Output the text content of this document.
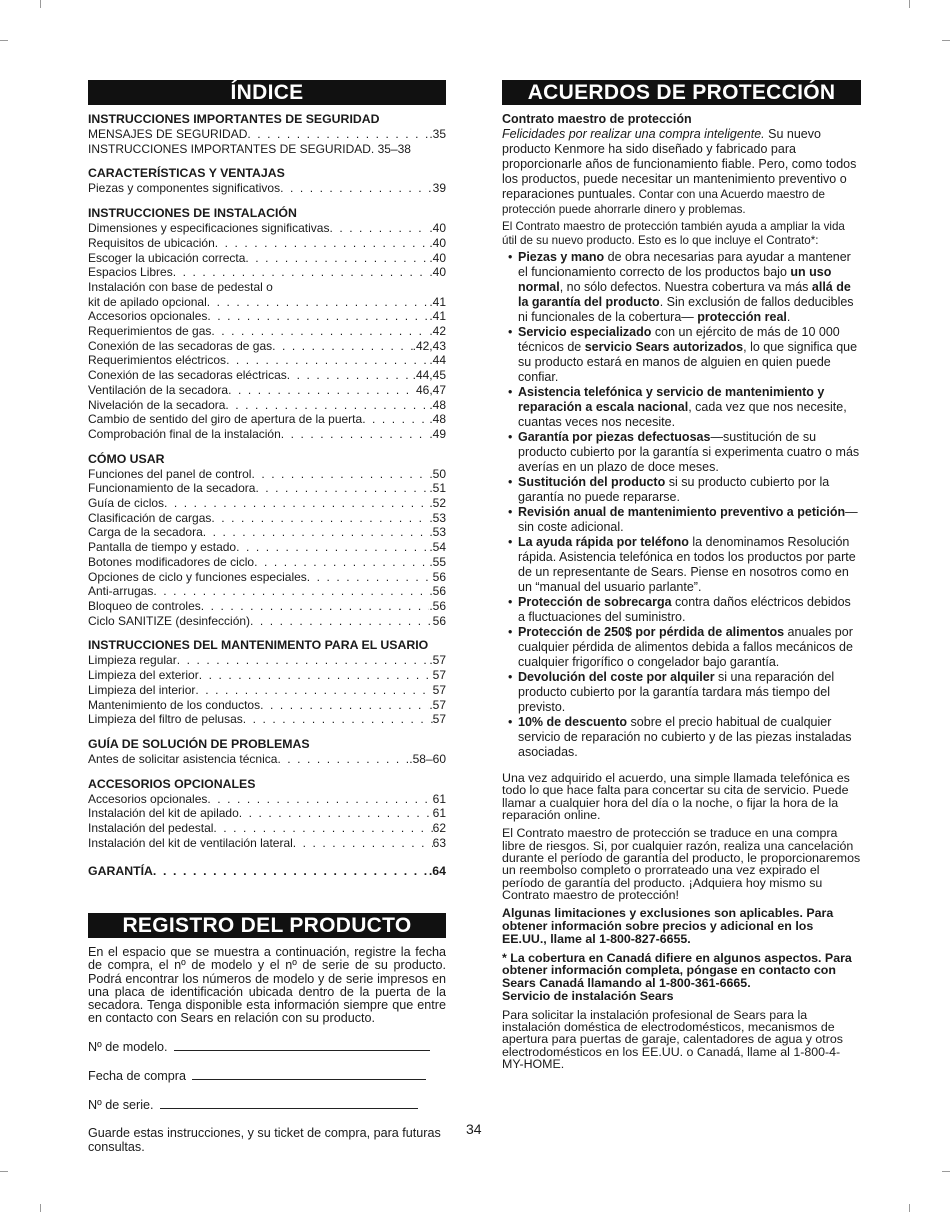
ÍNDICE
INSTRUCCIONES IMPORTANTES DE SEGURIDAD
MENSAJES DE SEGURIDAD . . .	.35
INSTRUCCIONES IMPORTANTES DE SEGURIDAD . 35–38
CARACTERÍSTICAS Y VENTAJAS
Piezas y componentes significativos . . .	39
INSTRUCCIONES DE INSTALACIÓN
Dimensiones y especificaciones significativas . . .	.40
Requisitos de ubicación . . .	.40
Escoger la ubicación correcta . . .	.40
Espacios Libres . . .	.40
Instalación con base de pedestal o
kit de apilado opcional . . .	.41
Accesorios opcionales . . .	.41
Requerimientos de gas . . .	.42
Conexión de las secadoras de gas . . .	.42,43
Requerimientos eléctricos . . .	.44
Conexión de las secadoras eléctricas . . .	.44,45
Ventilación de la secadora . . .	46,47
Nivelación de la secadora . . .	.48
Cambio de sentido del giro de apertura de la puerta . . .	.48
Comprobación final de la instalación . . .	.49
CÓMO USAR
Funciones del panel de control . . .	.50
Funcionamiento de la secadora . . .	.51
Guía de ciclos . . .	.52
Clasificación de cargas . . .	.53
Carga de la secadora . . .	.53
Pantalla de tiempo y estado . . .	.54
Botones modificadores de ciclo . . .	.55
Opciones de ciclo y funciones especiales . . .	56
Anti-arrugas . . .	.56
Bloqueo de controles . . .	.56
Ciclo SANITIZE (desinfección) . . .	56
INSTRUCCIONES DEL MANTENIMENTO PARA EL USARIO
Limpieza regular . . .	.57
Limpieza del exterior . . .	57
Limpieza del interior . . .	57
Mantenimiento de los conductos . . .	.57
Limpieza del filtro de pelusas . . .	57
GUÍA DE SOLUCIÓN DE PROBLEMAS
Antes de solicitar asistencia técnica . . .	.58–60
ACCESORIOS OPCIONALES
Accesorios opcionales . . .	61
Instalación del kit de apilado . . .	61
Instalación del pedestal . . .	62
Instalación del kit de ventilación lateral . . .	63
GARANTÍA . . .	.64
REGISTRO DEL PRODUCTO
En el espacio que se muestra a continuación, registre la fecha de compra, el nº de modelo y el nº de serie de su producto. Podrá encontrar los números de modelo y de serie impresos en una placa de identificación ubicada dentro de la puerta de la secadora. Tenga disponible esta información siempre que entre en contacto con Sears en relación con su producto.
Nº de modelo.
Fecha de compra
Nº de serie.
Guarde estas instrucciones, y su ticket de compra, para futuras consultas.
34
ACUERDOS DE PROTECCIÓN
Contrato maestro de protección

Felicidades por realizar una compra inteligente. Su nuevo producto Kenmore ha sido diseñado y fabricado para proporcionarle años de funcionamiento fiable. Pero, como todos los productos, puede necesitar un mantenimiento preventivo o reparaciones puntuales. Contar con una Acuerdo maestro de protección puede ahorrarle dinero y problemas.

El Contrato maestro de protección también ayuda a ampliar la vida útil de su nuevo producto. Esto es lo que incluye el Contrato*:

• Piezas y mano de obra necesarias para ayudar a mantener el funcionamiento correcto de los productos bajo un uso normal, no sólo defectos. Nuestra cobertura va más allá de la garantía del producto. Sin exclusión de fallos deducibles ni funcionales de la cobertura— protección real.
• Servicio especializado con un ejército de más de 10 000 técnicos de servicio Sears autorizados, lo que significa que su producto estará en manos de alguien en quien puede confiar.
• Asistencia telefónica y servicio de mantenimiento y reparación a escala nacional, cada vez que nos necesite, cuantas veces nos necesite.
• Garantía por piezas defectuosas—sustitución de su producto cubierto por la garantía si experimenta cuatro o más averías en un plazo de doce meses.
• Sustitución del producto si su producto cubierto por la garantía no puede repararse.
• Revisión anual de mantenimiento preventivo a petición—sin coste adicional.
• La ayuda rápida por teléfono la denominamos Resolución rápida. Asistencia telefónica en todos los productos por parte de un representante de Sears. Piense en nosotros como en un “manual del usuario parlante”.
• Protección de sobrecarga contra daños eléctricos debidos a fluctuaciones del suministro.
• Protección de 250$ por pérdida de alimentos anuales por cualquier pérdida de alimentos debida a fallos mecánicos de cualquier frigorífico o congelador bajo garantía.
• Devolución del coste por alquiler si una reparación del producto cubierto por la garantía tardara más tiempo del previsto.
• 10% de descuento sobre el precio habitual de cualquier servicio de reparación no cubierto y de las piezas instaladas asociadas.

Una vez adquirido el acuerdo, una simple llamada telefónica es todo lo que hace falta para concertar su cita de servicio. Puede llamar a cualquier hora del día o la noche, o fijar la hora de la reparación online.

El Contrato maestro de protección se traduce en una compra libre de riesgos. Si, por cualquier razón, realiza una cancelación durante el período de garantía del producto, le proporcionaremos un reembolso completo o prorrateado una vez expirado el período de garantía del producto. ¡Adquiera hoy mismo su Contrato maestro de protección!

Algunas limitaciones y exclusiones son aplicables. Para obtener información sobre precios y adicional en los EE.UU., llame al 1-800-827-6655.

* La cobertura en Canadá difiere en algunos aspectos. Para obtener información completa, póngase en contacto con Sears Canadá llamando al 1-800-361-6665.

Servicio de instalación Sears

Para solicitar la instalación profesional de Sears para la instalación doméstica de electrodomésticos, mecanismos de apertura para puertas de garaje, calentadores de agua y otros electrodomésticos en los EE.UU. o Canadá, llame al 1-800-4-MY-HOME.
